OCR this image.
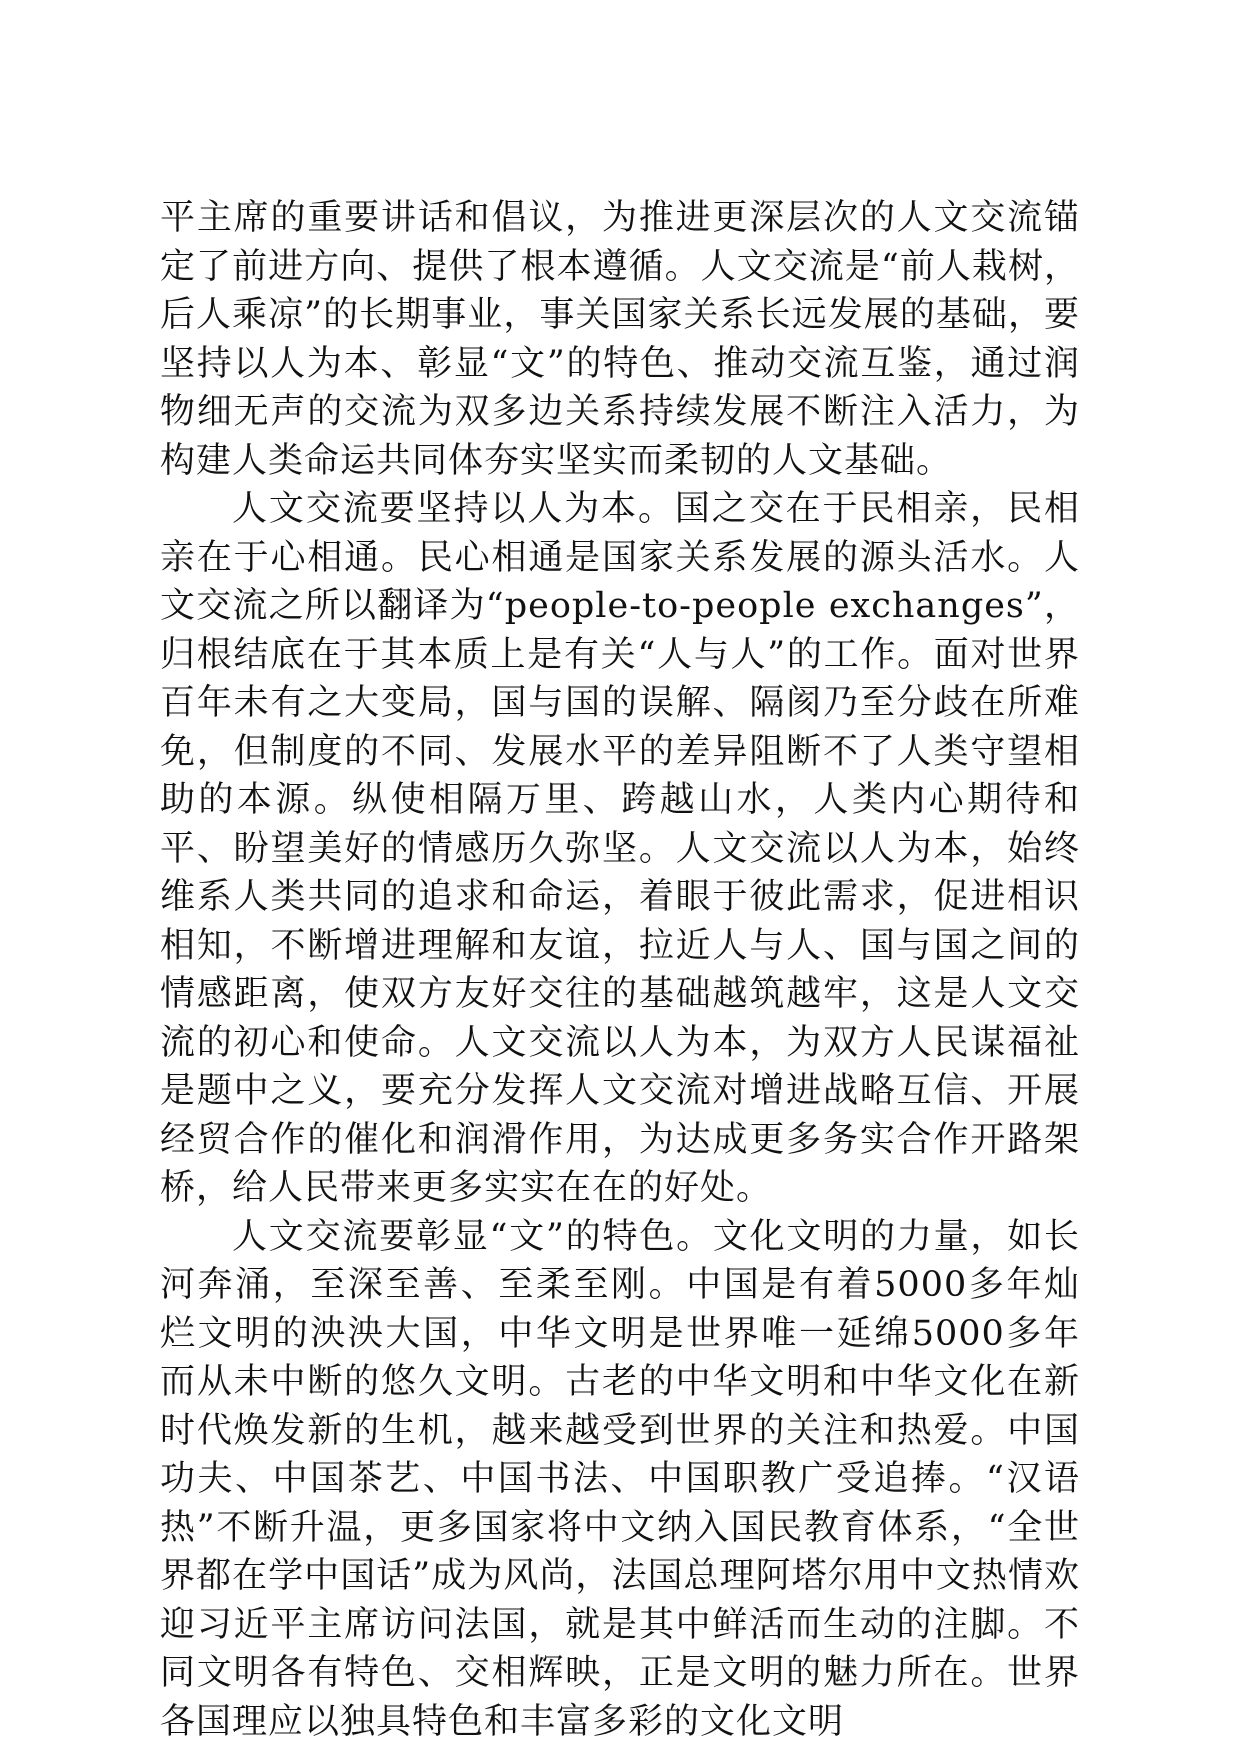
平主席的重要讲话和倡议，为推进更深层次的人文交流锚定了前进方向、提供了根本遵循。人文交流是“前人栽树，后人乘凉”的长期事业，事关国家关系长远发展的基础，要坚持以人为本、彰显“文”的特色、推动交流互鉴，通过润物细无声的交流为双多边关系持续发展不断注入活力，为构建人类命运共同体夯实坚实而柔韧的人文基础。

人文交流要坚持以人为本。国之交在于民相亲，民相亲在于心相通。民心相通是国家关系发展的源头活水。人文交流之所以翻译为“people-to-people exchanges”，归根结底在于其本质上是有关“人与人”的工作。面对世界百年未有之大变局，国与国的误解、隔阂乃至分歧在所难免，但制度的不同、发展水平的差异阻断不了人类守望相助的本源。纵使相隔万里、跨越山水，人类内心期待和平、盼望美好的情感历久弥坚。人文交流以人为本，始终维系人类共同的追求和命运，着眼于彼此需求，促进相识相知，不断增进理解和友谊，拉近人与人、国与国之间的情感距离，使双方友好交往的基础越筑越牢，这是人文交流的初心和使命。人文交流以人为本，为双方人民谋福祉是题中之义，要充分发挥人文交流对增进战略互信、开展经贸合作的催化和润滑作用，为达成更多务实合作开路架桥，给人民带来更多实实在在的好处。

人文交流要彰显“文”的特色。文化文明的力量，如长河奔涌，至深至善、至柔至刚。中国是有着5000多年灿烂文明的泱泱大国，中华文明是世界唯一延绵5000多年而从未中断的悠久文明。古老的中华文明和中华文化在新时代焕发新的生机，越来越受到世界的关注和热爱。中国功夫、中国茶艺、中国书法、中国职教广受追捧。“汉语热”不断升温，更多国家将中文纳入国民教育体系，“全世界都在学中国话”成为风尚，法国总理阿塔尔用中文热情欢迎习近平主席访问法国，就是其中鲜活而生动的注脚。不同文明各有特色、交相辉映，正是文明的魅力所在。世界各国理应以独具特色和丰富多彩的文化文明
